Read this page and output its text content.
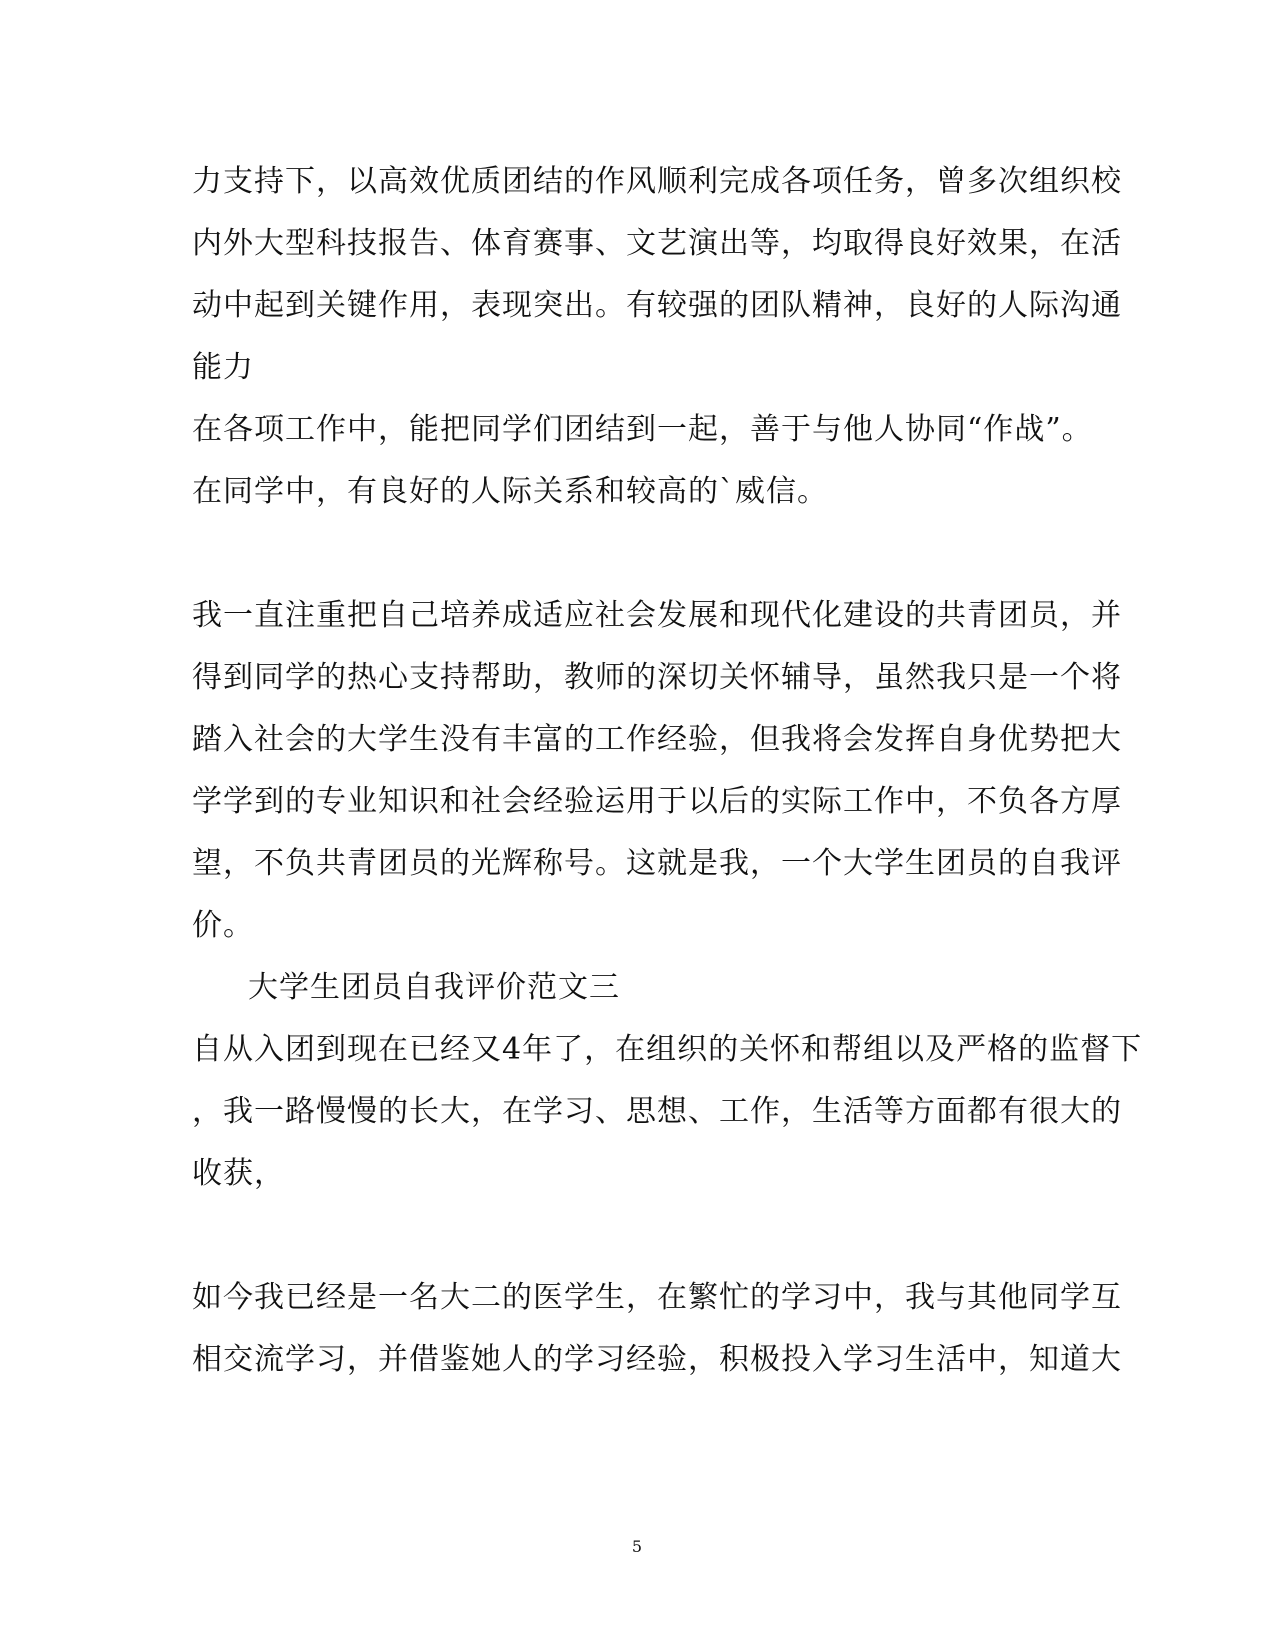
力支持下，以高效优质团结的作风顺利完成各项任务，曾多次组织校
内外大型科技报告、体育赛事、文艺演出等，均取得良好效果，在活
动中起到关键作用，表现突出。有较强的团队精神，良好的人际沟通
能力
在各项工作中，能把同学们团结到一起，善于与他人协同“作战”。
在同学中，有良好的人际关系和较高的`威信。
我一直注重把自己培养成适应社会发展和现代化建设的共青团员，并
得到同学的热心支持帮助，教师的深切关怀辅导，虽然我只是一个将
踏入社会的大学生没有丰富的工作经验，但我将会发挥自身优势把大
学学到的专业知识和社会经验运用于以后的实际工作中，不负各方厚
望，不负共青团员的光辉称号。这就是我，一个大学生团员的自我评
价。
大学生团员自我评价范文三
自从入团到现在已经又4年了，在组织的关怀和帮组以及严格的监督下
，我一路慢慢的长大，在学习、思想、工作，生活等方面都有很大的
收获，
如今我已经是一名大二的医学生，在繁忙的学习中，我与其他同学互
相交流学习，并借鉴她人的学习经验，积极投入学习生活中，知道大
5
